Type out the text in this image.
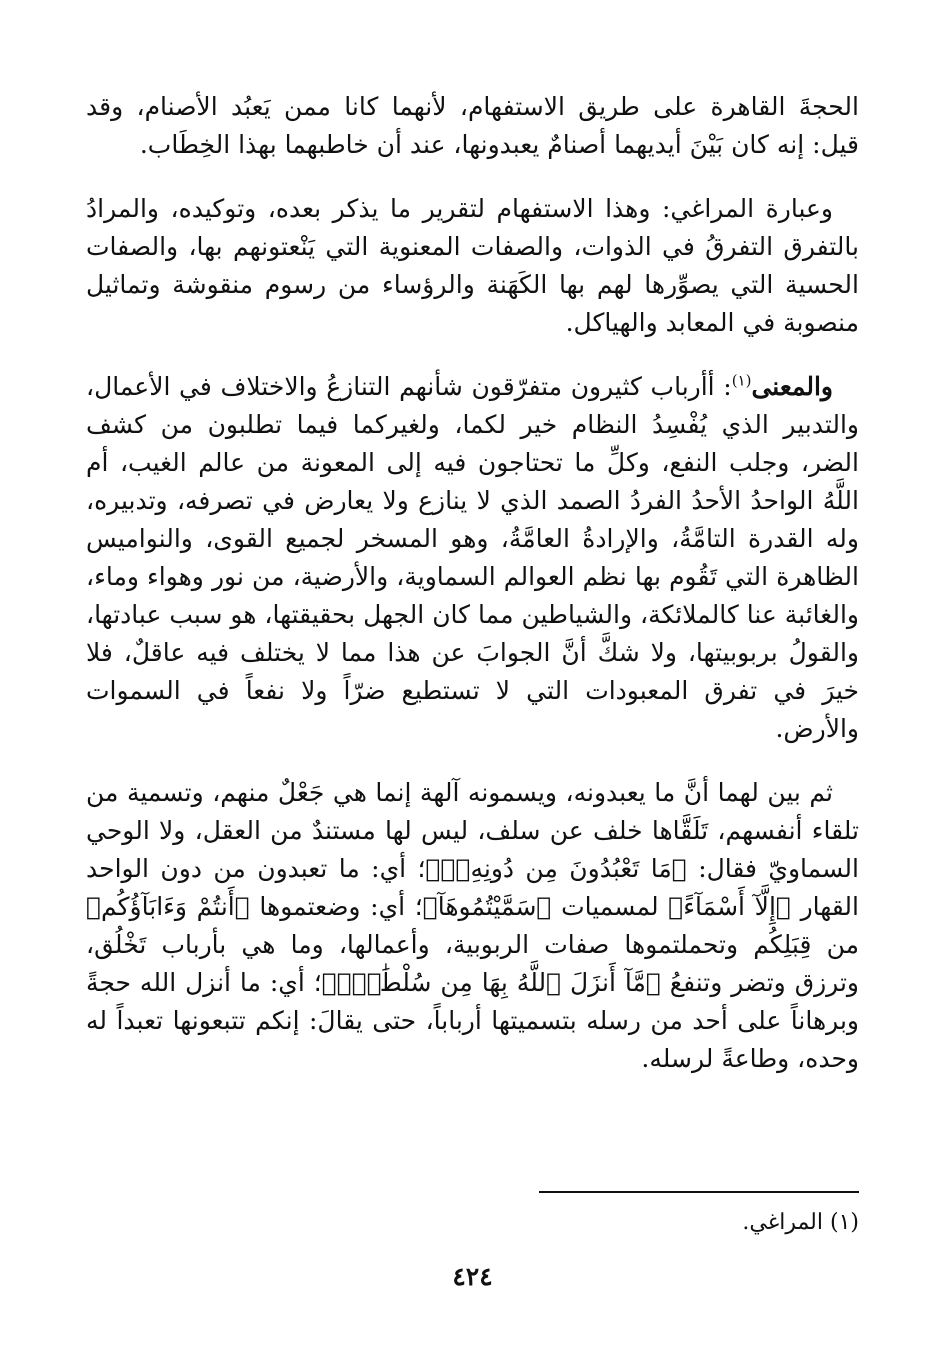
الحجةَ القاهرة على طريق الاستفهام، لأنهما كانا ممن يَعبُد الأصنام، وقد قيل: إنه كان بَيْنَ أيديهما أصنامٌ يعبدونها، عند أن خاطبهما بهذا الخِطَاب.

وعبارة المراغي: وهذا الاستفهام لتقرير ما يذكر بعده، وتوكيده، والمرادُ بالتفرق التفرقُ في الذوات، والصفات المعنوية التي يَنْعتونهم بها، والصفات الحسية التي يصوِّرها لهم بها الكَهَنة والرؤساء من رسوم منقوشة وتماثيل منصوبة في المعابد والهياكل.

والمعنى$^{(١)}$: أأرباب كثيرون متفرّقون شأنهم التنازعُ والاختلاف في الأعمال، والتدبير الذي يُفْسِدُ النظام خير لكما، ولغيركما فيما تطلبون من كشف الضر، وجلب النفع، وكلِّ ما تحتاجون فيه إلى المعونة من عالم الغيب، أم اللَّهُ الواحدُ الأحدُ الفردُ الصمد الذي لا ينازع ولا يعارض في تصرفه، وتدبيره، وله القدرة التامَّةُ، والإرادةُ العامَّةُ، وهو المسخر لجميع القوى، والنواميس الظاهرة التي تَقُوم بها نظم العوالم السماوية، والأرضية، من نور وهواء وماء، والغائبة عنا كالملائكة، والشياطين مما كان الجهل بحقيقتها، هو سبب عبادتها، والقولُ بربوبيتها، ولا شكَّ أنَّ الجوابَ عن هذا مما لا يختلف فيه عاقلٌ، فلا خيرَ في تفرق المعبودات التي لا تستطيع ضرّاً ولا نفعاً في السموات والأرض.

ثم بين لهما أنَّ ما يعبدونه، ويسمونه آلهة إنما هي جَعْلٌ منهم، وتسمية من تلقاء أنفسهم، تَلَقَّاها خلف عن سلف، ليس لها مستندٌ من العقل، ولا الوحي السماويّ فقال: ﴿مَا تَعْبُدُونَ مِن دُونِهِۦٓ﴾؛ أي: ما تعبدون من دون الواحد القهار ﴿إِلَّآ أَسْمَآءً﴾ لمسميات ﴿سَمَّيْتُمُوهَآ﴾؛ أي: وضعتموها ﴿أَنتُمْ وَءَابَآؤُكُم﴾ من قِبَلِكُم وتحملتموها صفات الربوبية، وأعمالها، وما هي بأرباب تَخْلُق، وترزق وتضر وتنفعُ ﴿مَّآ أَنزَلَ ٱللَّهُ بِهَا مِن سُلْطَٰنٍۚ﴾؛ أي: ما أنزل الله حجةً وبرهاناً على أحد من رسله بتسميتها أرباباً، حتى يقالَ: إنكم تتبعونها تعبداً له وحده، وطاعةً لرسله.

(١) المراغي.
٤٢٤
